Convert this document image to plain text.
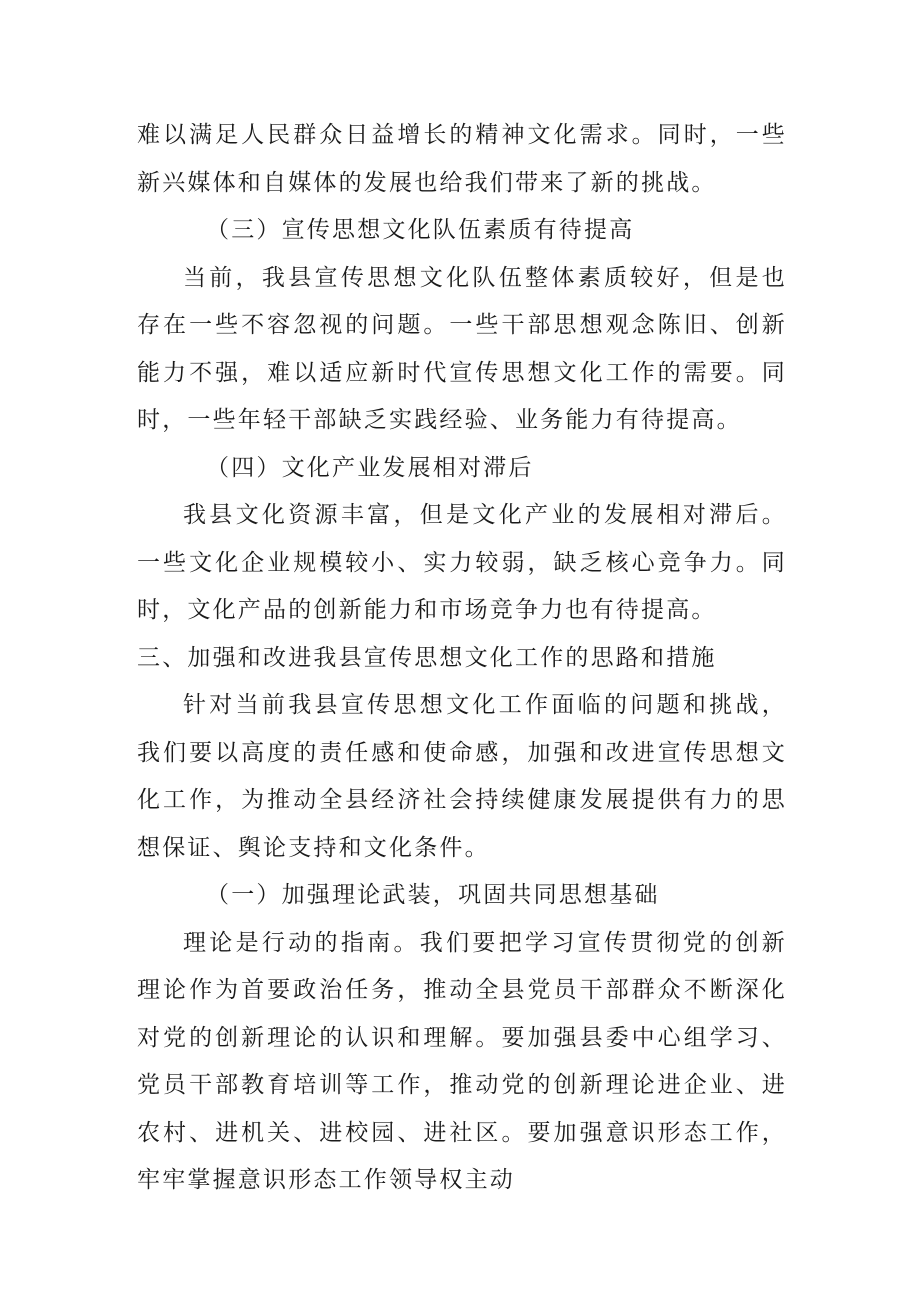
难以满足人民群众日益增长的精神文化需求。同时，一些新兴媒体和自媒体的发展也给我们带来了新的挑战。

（三）宣传思想文化队伍素质有待提高

当前，我县宣传思想文化队伍整体素质较好，但是也存在一些不容忽视的问题。一些干部思想观念陈旧、创新能力不强，难以适应新时代宣传思想文化工作的需要。同时，一些年轻干部缺乏实践经验、业务能力有待提高。

（四）文化产业发展相对滞后

我县文化资源丰富，但是文化产业的发展相对滞后。一些文化企业规模较小、实力较弱，缺乏核心竞争力。同时，文化产品的创新能力和市场竞争力也有待提高。

三、加强和改进我县宣传思想文化工作的思路和措施

针对当前我县宣传思想文化工作面临的问题和挑战，我们要以高度的责任感和使命感，加强和改进宣传思想文化工作，为推动全县经济社会持续健康发展提供有力的思想保证、舆论支持和文化条件。

（一）加强理论武装，巩固共同思想基础

理论是行动的指南。我们要把学习宣传贯彻党的创新理论作为首要政治任务，推动全县党员干部群众不断深化对党的创新理论的认识和理解。要加强县委中心组学习、党员干部教育培训等工作，推动党的创新理论进企业、进农村、进机关、进校园、进社区。要加强意识形态工作，牢牢掌握意识形态工作领导权主动
